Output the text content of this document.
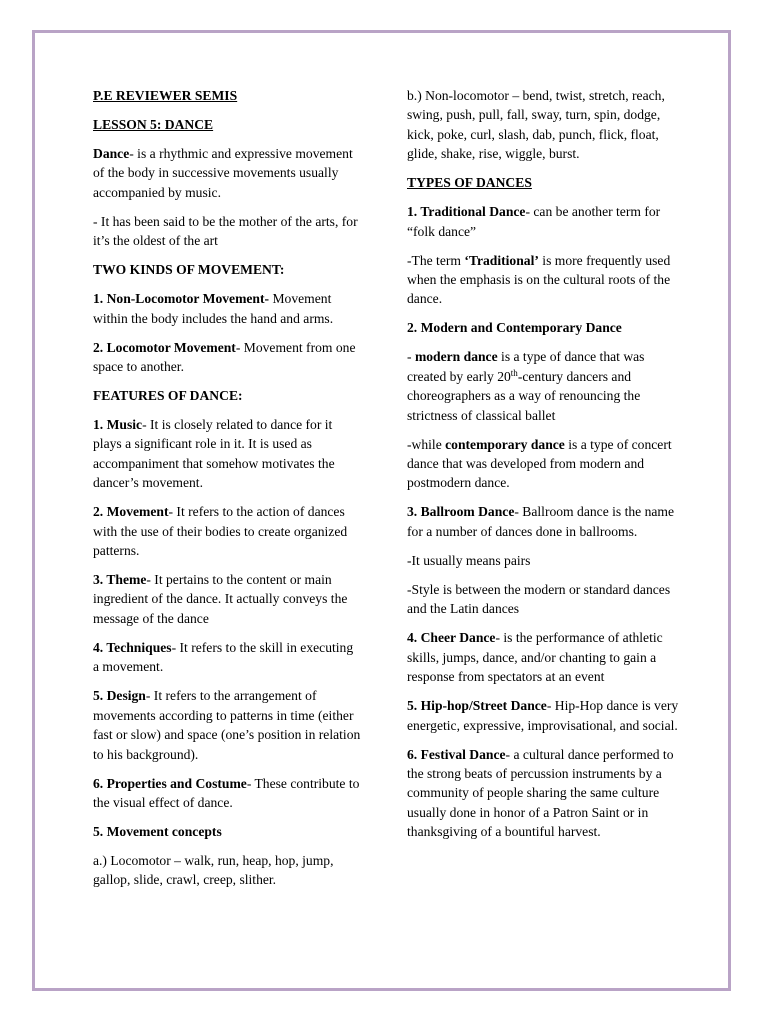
P.E REVIEWER SEMIS

LESSON 5: DANCE

Dance- is a rhythmic and expressive movement of the body in successive movements usually accompanied by music.

- It has been said to be the mother of the arts, for it’s the oldest of the art

TWO KINDS OF MOVEMENT:

1. Non-Locomotor Movement- Movement within the body includes the hand and arms.

2. Locomotor Movement- Movement from one space to another.

FEATURES OF DANCE:

1. Music- It is closely related to dance for it plays a significant role in it. It is used as accompaniment that somehow motivates the dancer’s movement.

2. Movement- It refers to the action of dances with the use of their bodies to create organized patterns.

3. Theme- It pertains to the content or main ingredient of the dance. It actually conveys the message of the dance

4. Techniques- It refers to the skill in executing a movement.

5. Design- It refers to the arrangement of movements according to patterns in time (either fast or slow) and space (one’s position in relation to his background).

6. Properties and Costume- These contribute to the visual effect of dance.

5. Movement concepts

a.) Locomotor – walk, run, heap, hop, jump, gallop, slide, crawl, creep, slither.

b.) Non-locomotor – bend, twist, stretch, reach, swing, push, pull, fall, sway, turn, spin, dodge, kick, poke, curl, slash, dab, punch, flick, float, glide, shake, rise, wiggle, burst.

TYPES OF DANCES

1. Traditional Dance- can be another term for “folk dance”

-The term ‘Traditional’ is more frequently used when the emphasis is on the cultural roots of the dance.

2. Modern and Contemporary Dance

- modern dance is a type of dance that was created by early 20th-century dancers and choreographers as a way of renouncing the strictness of classical ballet

-while contemporary dance is a type of concert dance that was developed from modern and postmodern dance.

3. Ballroom Dance- Ballroom dance is the name for a number of dances done in ballrooms.

-It usually means pairs

-Style is between the modern or standard dances and the Latin dances

4. Cheer Dance- is the performance of athletic skills, jumps, dance, and/or chanting to gain a response from spectators at an event

5. Hip-hop/Street Dance- Hip-Hop dance is very energetic, expressive, improvisational, and social.

6. Festival Dance- a cultural dance performed to the strong beats of percussion instruments by a community of people sharing the same culture usually done in honor of a Patron Saint or in thanksgiving of a bountiful harvest.
